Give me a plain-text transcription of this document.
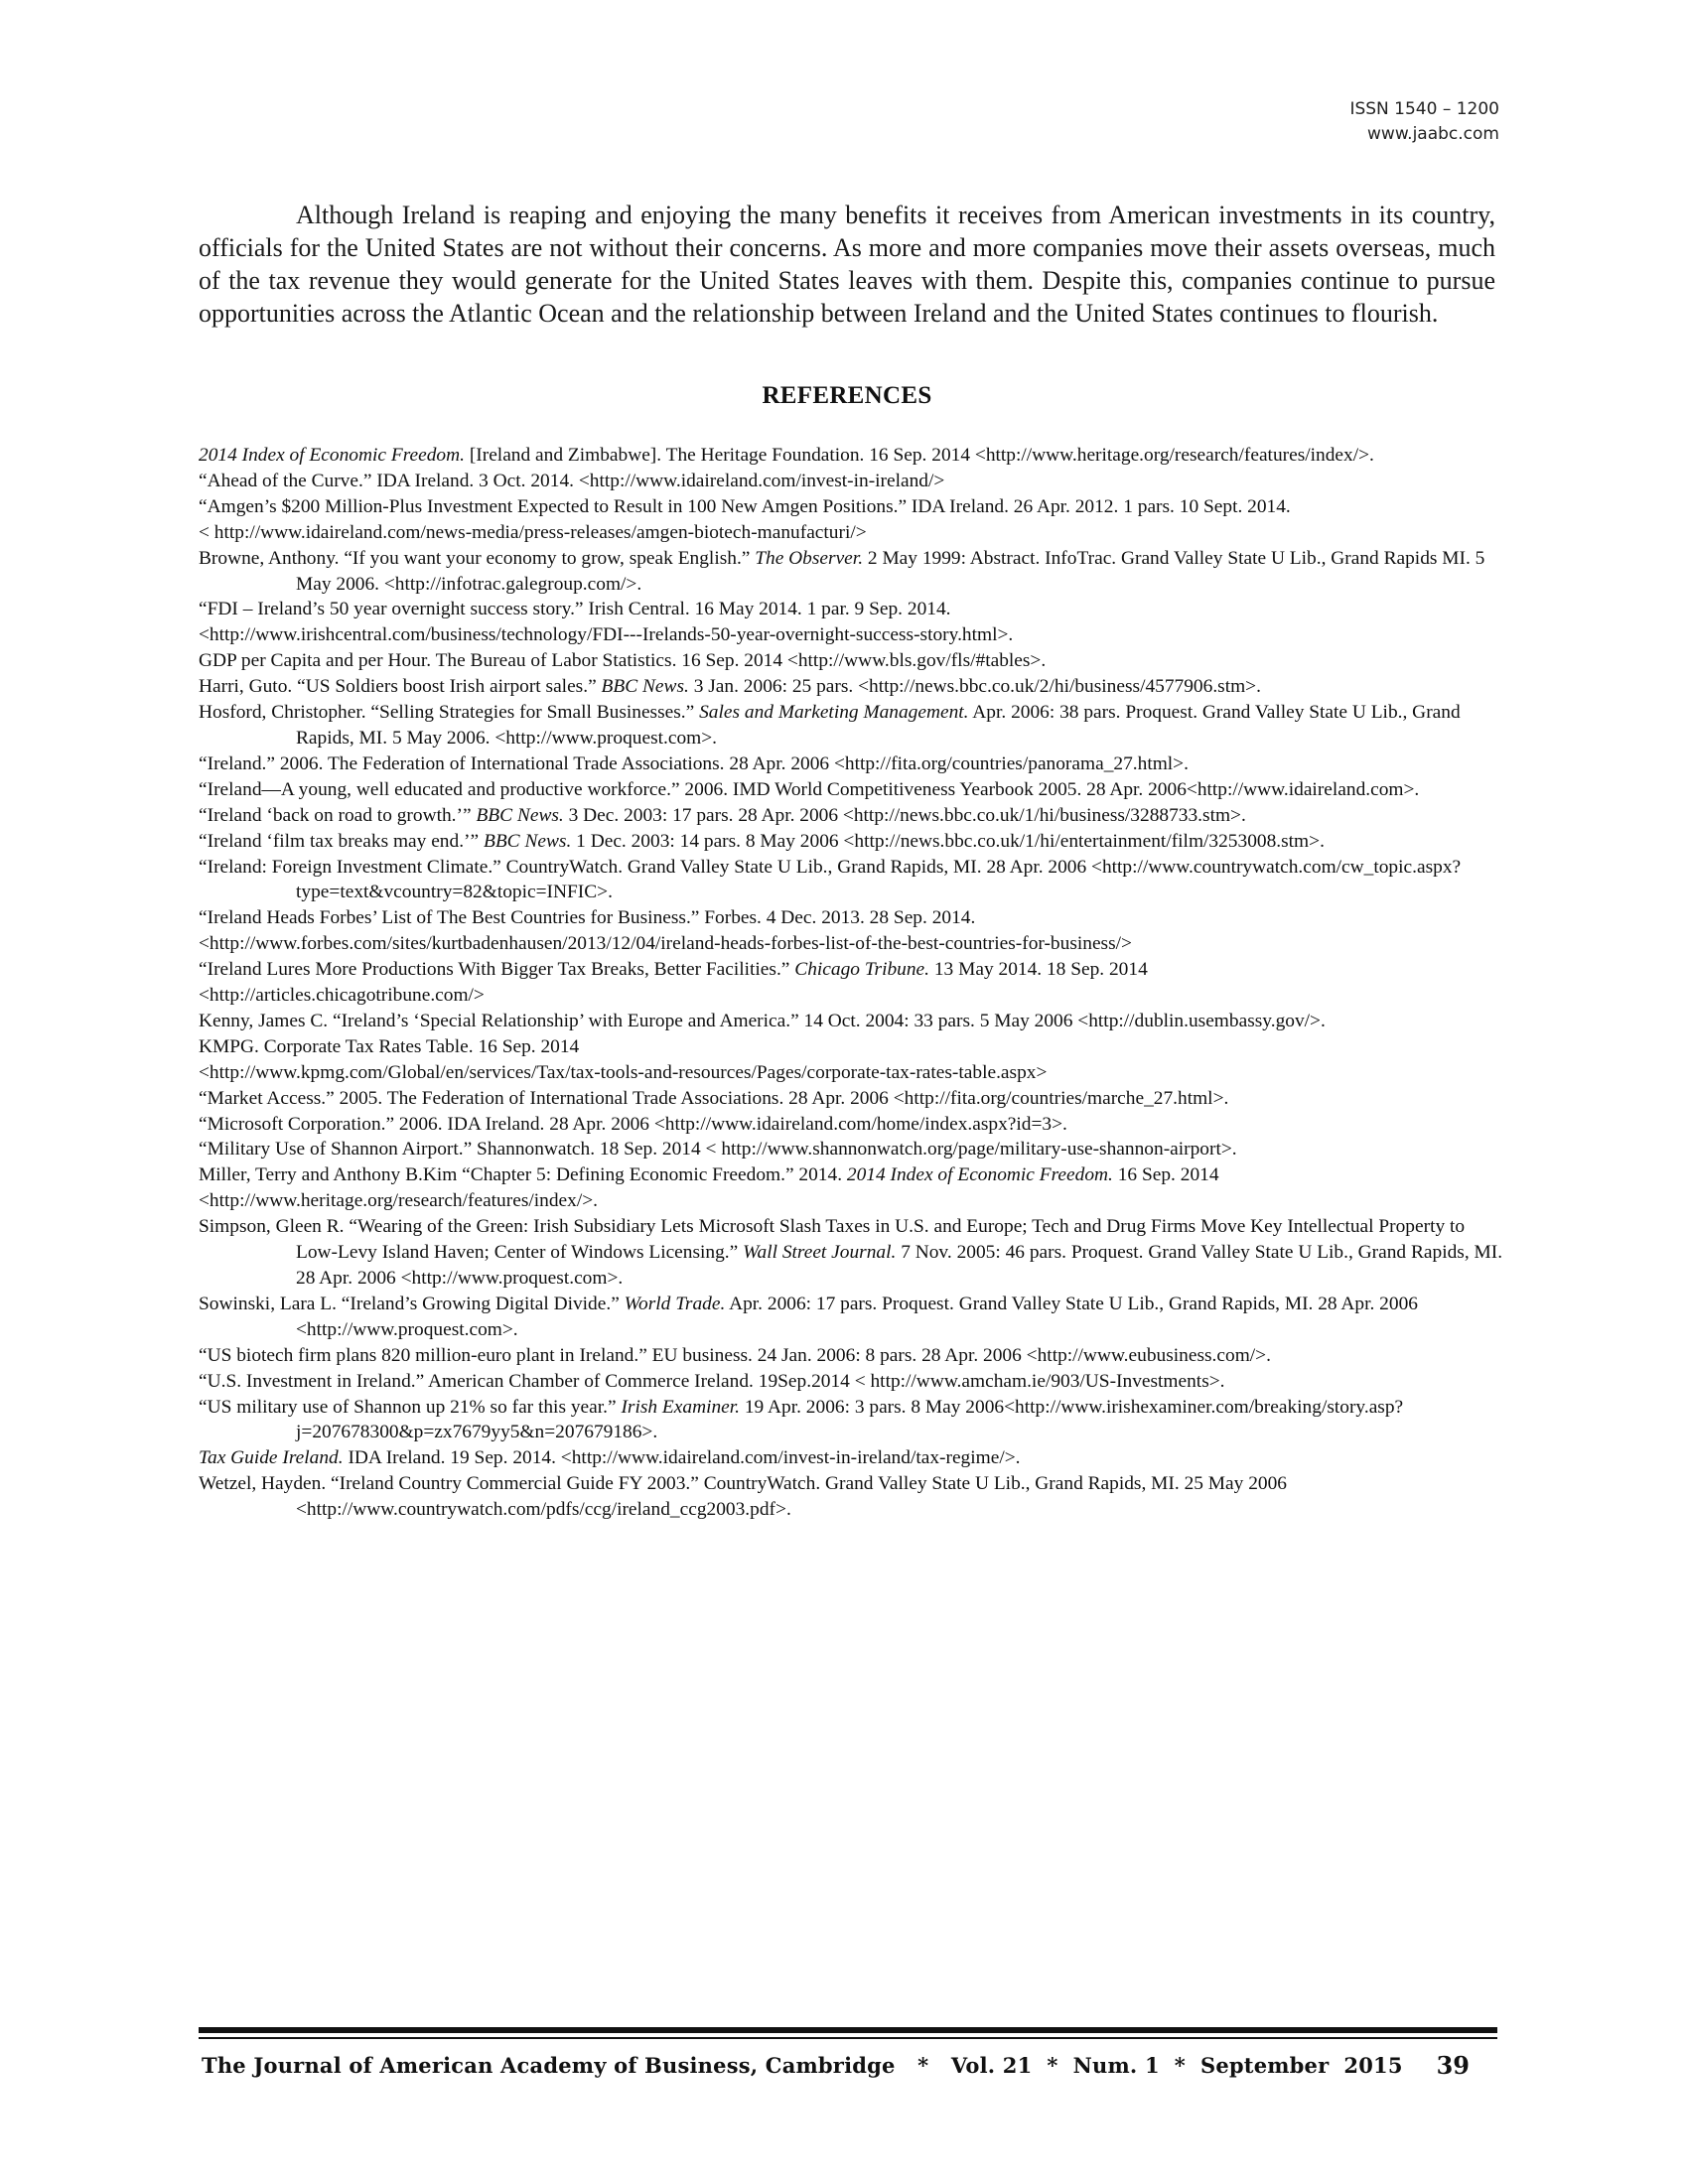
ISSN 1540 – 1200
www.jaabc.com

Although Ireland is reaping and enjoying the many benefits it receives from American investments in its country, officials for the United States are not without their concerns. As more and more companies move their assets overseas, much of the tax revenue they would generate for the United States leaves with them. Despite this, companies continue to pursue opportunities across the Atlantic Ocean and the relationship between Ireland and the United States continues to flourish.

REFERENCES

2014 Index of Economic Freedom. [Ireland and Zimbabwe]. The Heritage Foundation. 16 Sep. 2014 <http://www.heritage.org/research/features/index/>.

“Ahead of the Curve.” IDA Ireland. 3 Oct. 2014. <http://www.idaireland.com/invest-in-ireland/>

“Amgen’s $200 Million-Plus Investment Expected to Result in 100 New Amgen Positions.” IDA Ireland. 26 Apr. 2012. 1 pars. 10 Sept. 2014.

< http://www.idaireland.com/news-media/press-releases/amgen-biotech-manufacturi/>

Browne, Anthony. “If you want your economy to grow, speak English.” The Observer. 2 May 1999: Abstract. InfoTrac. Grand Valley State U Lib., Grand Rapids MI. 5 May 2006. <http://infotrac.galegroup.com/>.

“FDI – Ireland’s 50 year overnight success story.” Irish Central. 16 May 2014. 1 par. 9 Sep. 2014.

<http://www.irishcentral.com/business/technology/FDI---Irelands-50-year-overnight-success-story.html>.

GDP per Capita and per Hour. The Bureau of Labor Statistics. 16 Sep. 2014 <http://www.bls.gov/fls/#tables>.

Harri, Guto. “US Soldiers boost Irish airport sales.” BBC News. 3 Jan. 2006: 25 pars. <http://news.bbc.co.uk/2/hi/business/4577906.stm>.

Hosford, Christopher. “Selling Strategies for Small Businesses.” Sales and Marketing Management. Apr. 2006: 38 pars. Proquest. Grand Valley State U Lib., Grand Rapids, MI. 5 May 2006. <http://www.proquest.com>.

“Ireland.” 2006. The Federation of International Trade Associations. 28 Apr. 2006 <http://fita.org/countries/panorama_27.html>.

“Ireland—A young, well educated and productive workforce.” 2006. IMD World Competitiveness Yearbook 2005. 28 Apr. 2006<http://www.idaireland.com>.

“Ireland ‘back on road to growth.’” BBC News. 3 Dec. 2003: 17 pars. 28 Apr. 2006 <http://news.bbc.co.uk/1/hi/business/3288733.stm>.

“Ireland ‘film tax breaks may end.’” BBC News. 1 Dec. 2003: 14 pars. 8 May 2006 <http://news.bbc.co.uk/1/hi/entertainment/film/3253008.stm>.

“Ireland: Foreign Investment Climate.” CountryWatch. Grand Valley State U Lib., Grand Rapids, MI. 28 Apr. 2006 <http://www.countrywatch.com/cw_topic.aspx?type=text&vcountry=82&topic=INFIC>.

“Ireland Heads Forbes’ List of The Best Countries for Business.” Forbes. 4 Dec. 2013. 28 Sep. 2014.

<http://www.forbes.com/sites/kurtbadenhausen/2013/12/04/ireland-heads-forbes-list-of-the-best-countries-for-business/>

“Ireland Lures More Productions With Bigger Tax Breaks, Better Facilities.” Chicago Tribune. 13 May 2014. 18 Sep. 2014

<http://articles.chicagotribune.com/>

Kenny, James C. “Ireland’s ‘Special Relationship’ with Europe and America.” 14 Oct. 2004: 33 pars. 5 May 2006 <http://dublin.usembassy.gov/>.

KMPG. Corporate Tax Rates Table. 16 Sep. 2014

<http://www.kpmg.com/Global/en/services/Tax/tax-tools-and-resources/Pages/corporate-tax-rates-table.aspx>

“Market Access.” 2005. The Federation of International Trade Associations. 28 Apr. 2006 <http://fita.org/countries/marche_27.html>.

“Microsoft Corporation.” 2006. IDA Ireland. 28 Apr. 2006 <http://www.idaireland.com/home/index.aspx?id=3>.

“Military Use of Shannon Airport.” Shannonwatch. 18 Sep. 2014 < http://www.shannonwatch.org/page/military-use-shannon-airport>.

Miller, Terry and Anthony B.Kim “Chapter 5: Defining Economic Freedom.” 2014. 2014 Index of Economic Freedom. 16 Sep. 2014

<http://www.heritage.org/research/features/index/>.

Simpson, Gleen R. “Wearing of the Green: Irish Subsidiary Lets Microsoft Slash Taxes in U.S. and Europe; Tech and Drug Firms Move Key Intellectual Property to Low-Levy Island Haven; Center of Windows Licensing.” Wall Street Journal. 7 Nov. 2005: 46 pars. Proquest. Grand Valley State U Lib., Grand Rapids, MI. 28 Apr. 2006 <http://www.proquest.com>.

Sowinski, Lara L. “Ireland’s Growing Digital Divide.” World Trade. Apr. 2006: 17 pars. Proquest. Grand Valley State U Lib., Grand Rapids, MI. 28 Apr. 2006 <http://www.proquest.com>.

“US biotech firm plans 820 million-euro plant in Ireland.” EU business. 24 Jan. 2006: 8 pars. 28 Apr. 2006 <http://www.eubusiness.com/>.

“U.S. Investment in Ireland.” American Chamber of Commerce Ireland. 19Sep.2014 < http://www.amcham.ie/903/US-Investments>.

“US military use of Shannon up 21% so far this year.” Irish Examiner. 19 Apr. 2006: 3 pars. 8 May 2006<http://www.irishexaminer.com/breaking/story.asp?j=207678300&p=zx7679yy5&n=207679186>.

Tax Guide Ireland. IDA Ireland. 19 Sep. 2014. <http://www.idaireland.com/invest-in-ireland/tax-regime/>.

Wetzel, Hayden. “Ireland Country Commercial Guide FY 2003.” CountryWatch. Grand Valley State U Lib., Grand Rapids, MI. 25 May 2006 <http://www.countrywatch.com/pdfs/ccg/ireland_ccg2003.pdf>.

The Journal of American Academy of Business, Cambridge   *   Vol. 21  *  Num. 1  *  September  2015	39
